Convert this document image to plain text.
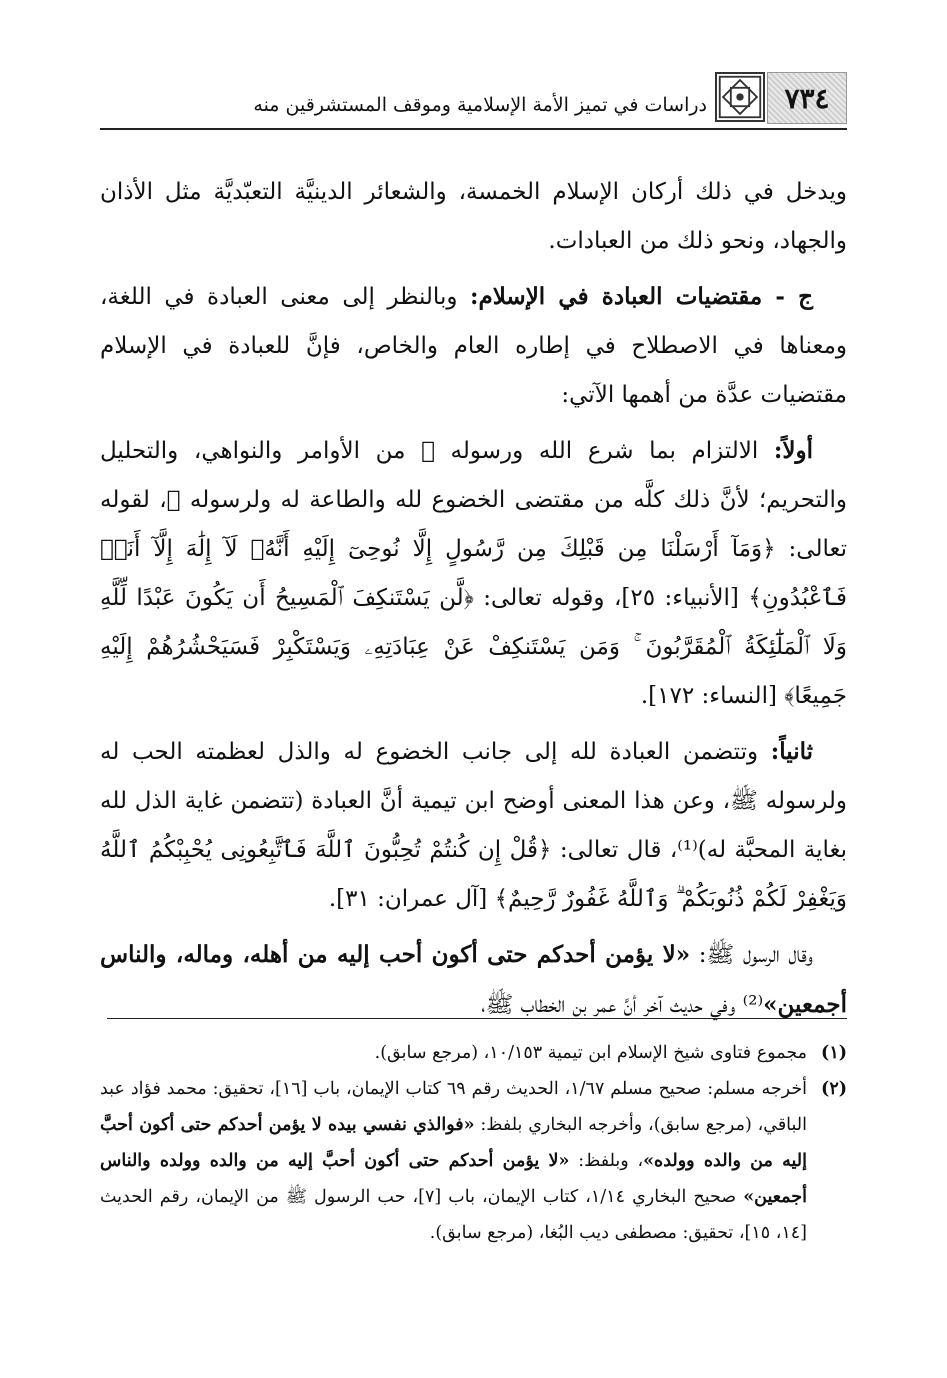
٧٣٤
دراسات في تميز الأمة الإسلامية وموقف المستشرقين منه

ويدخل في ذلك أركان الإسلام الخمسة، والشعائر الدينيَّة التعبّديَّة مثل الأذان والجهاد، ونحو ذلك من العبادات.

ج - مقتضيات العبادة في الإسلام: وبالنظر إلى معنى العبادة في اللغة، ومعناها في الاصطلاح في إطاره العام والخاص، فإنَّ للعبادة في الإسلام مقتضيات عدَّة من أهمها الآتي:

أولاً: الالتزام بما شرع الله ورسوله ﷺ من الأوامر والنواهي، والتحليل والتحريم؛ لأنَّ ذلك كلَّه من مقتضى الخضوع لله والطاعة له ولرسوله ﷺ، لقوله تعالى: ﴿وَمَآ أَرْسَلْنَا مِن قَبْلِكَ مِن رَّسُولٍ إِلَّا نُوحِىٓ إِلَيْهِ أَنَّهُۥ لَآ إِلَٰهَ إِلَّآ أَنَا۠ فَٱعْبُدُونِ﴾ [الأنبياء: ٢٥]، وقوله تعالى: ﴿لَّن يَسْتَنكِفَ ٱلْمَسِيحُ أَن يَكُونَ عَبْدًا لِّلَّهِ وَلَا ٱلْمَلَٰٓئِكَةُ ٱلْمُقَرَّبُونَ ۚ وَمَن يَسْتَنكِفْ عَنْ عِبَادَتِهِۦ وَيَسْتَكْبِرْ فَسَيَحْشُرُهُمْ إِلَيْهِ جَمِيعًا﴾ [النساء: ١٧٢].

ثانياً: وتتضمن العبادة لله إلى جانب الخضوع له والذل لعظمته الحب له ولرسوله ﷺ، وعن هذا المعنى أوضح ابن تيمية أنَّ العبادة (تتضمن غاية الذل لله بغاية المحبَّة له)⁽¹⁾، قال تعالى: ﴿قُلْ إِن كُنتُمْ تُحِبُّونَ ٱللَّهَ فَٱتَّبِعُونِى يُحْبِبْكُمُ ٱللَّهُ وَيَغْفِرْ لَكُمْ ذُنُوبَكُمْ ۗ وَٱللَّهُ غَفُورٌ رَّحِيمٌ﴾ [آل عمران: ٣١].

وقال الرسول ﷺ: «لا يؤمن أحدكم حتى أكون أحب إليه من أهله، وماله، والناس أجمعين»⁽²⁾ وفي حديث آخر أنَّ عمر بن الخطاب ﷺ،

(١)
مجموع فتاوى شيخ الإسلام ابن تيمية ١٠/١٥٣، (مرجع سابق).
(٢)
أخرجه مسلم: صحيح مسلم ١/٦٧، الحديث رقم ٦٩ كتاب الإيمان، باب [١٦]، تحقيق: محمد فؤاد عبد الباقي، (مرجع سابق)، وأخرجه البخاري بلفظ: «فوالذي نفسي بيده لا يؤمن أحدكم حتى أكون أحبَّ إليه من والده وولده»، وبلفظ: «لا يؤمن أحدكم حتى أكون أحبَّ إليه من والده وولده والناس أجمعين» صحيح البخاري ١/١٤، كتاب الإيمان، باب [٧]، حب الرسول ﷺ من الإيمان، رقم الحديث [١٤، ١٥]، تحقيق: مصطفى ديب البُغا، (مرجع سابق).
